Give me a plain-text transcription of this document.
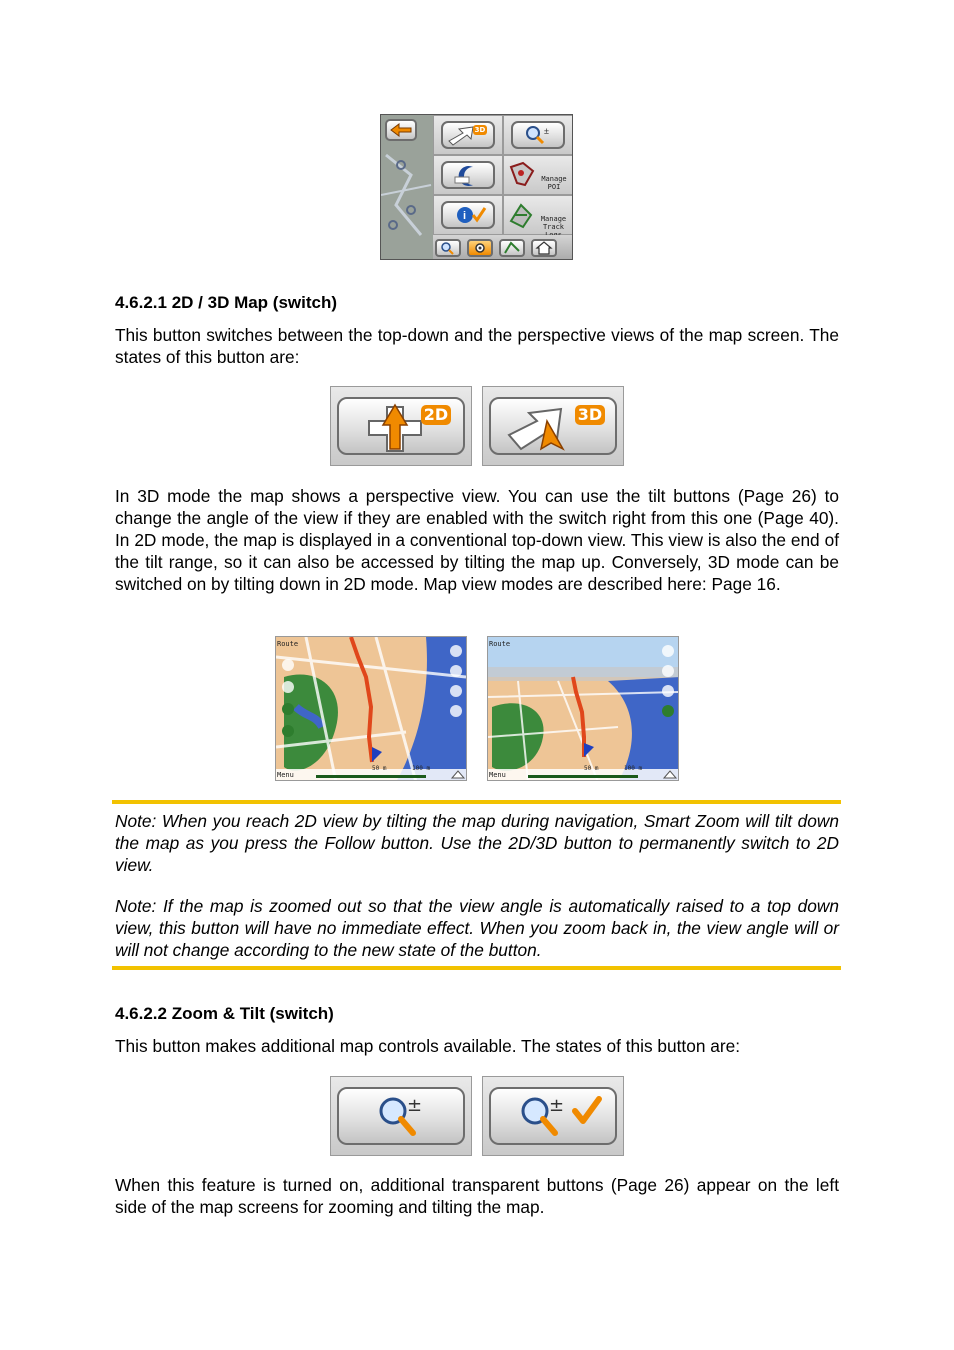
3D	±
Manage
POI
i	Manage
Track
4.6.2.1 2D / 3D Map (switch)
This button switches between the top-down and the perspective views of the map screen. The states of this button are:
2D	3D
In 3D mode the map shows a perspective view. You can use the tilt buttons (Page 26) to change the angle of the view if they are enabled with the switch right from this one (Page 40). In 2D mode, the map is displayed in a conventional top-down view. This view is also the end of the tilt range, so it can also be accessed by tilting the map up. Conversely, 3D mode can be switched on by tilting down in 2D mode. Map view modes are described here: Page 16.
Route
Menu
50 m	100 m
Route
Menu
50 m	100 m
Note: When you reach 2D view by tilting the map during navigation, Smart Zoom will tilt down the map as you press the Follow button. Use the 2D/3D button to permanently switch to 2D view.
Note: If the map is zoomed out so that the view angle is automatically raised to a top down view, this button will have no immediate effect. When you zoom back in, the view angle will or will not change according to the new state of the button.
4.6.2.2 Zoom & Tilt (switch)
This button makes additional map controls available. The states of this button are:
±	±
When this feature is turned on, additional transparent buttons (Page 26) appear on the left side of the map screens for zooming and tilting the map.
